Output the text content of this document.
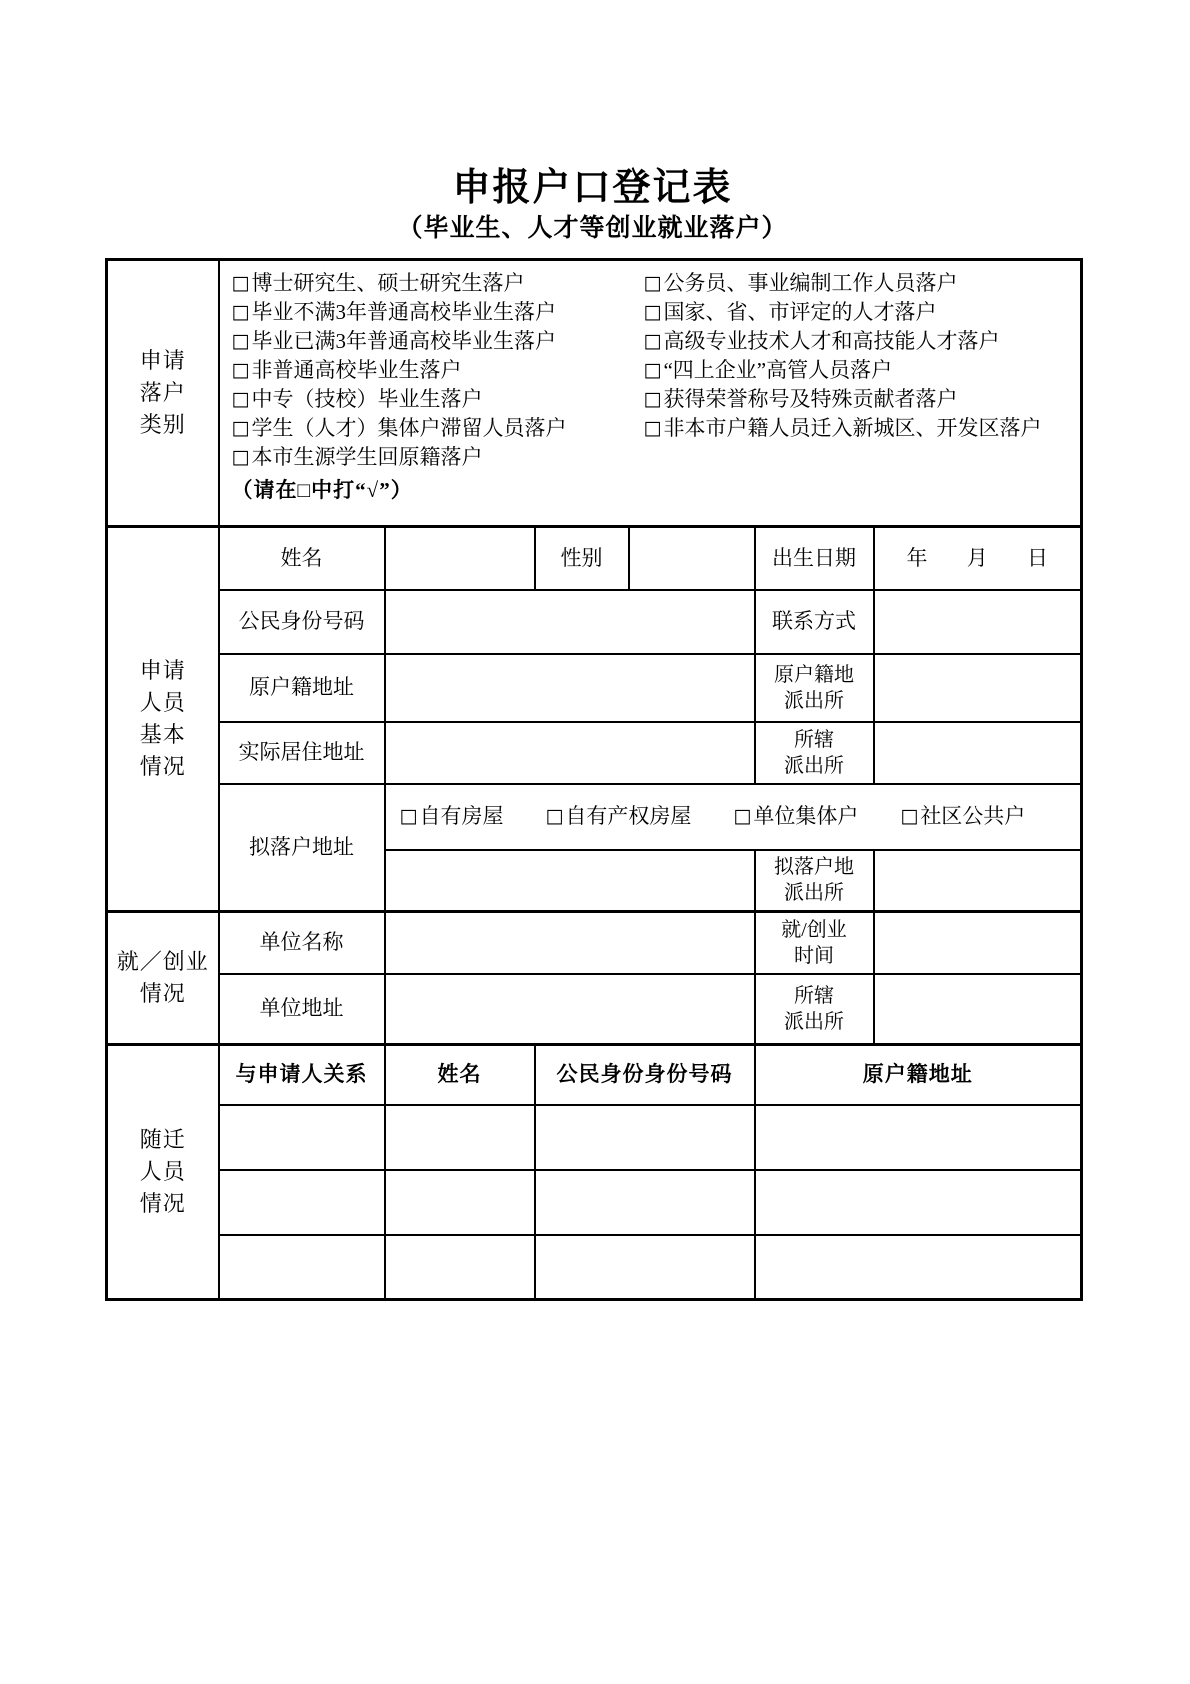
申报户口登记表
（毕业生、人才等创业就业落户）
申请
落户
类别

□ 博士研究生、硕士研究生落户
□ 毕业不满3年普通高校毕业生落户
□ 毕业已满3年普通高校毕业生落户
□ 非普通高校毕业生落户
□ 中专（技校）毕业生落户
□ 学生（人才）集体户滞留人员落户
□ 本市生源学生回原籍落户
（请在□中打“√”）
□ 公务员、事业编制工作人员落户
□ 国家、省、市评定的人才落户
□ 高级专业技术人才和高技能人才落户
□ “四上企业”高管人员落户
□ 获得荣誉称号及特殊贡献者落户
□ 非本市户籍人员迁入新城区、开发区落户

申请
人员
基本
情况	姓名		性别		出生日期	年 月 日
	公民身份号码				联系方式	
	原户籍地址				原户籍地
派出所	

	实际居住地址				所辖
派出所	

拟落户地址	
□ 自有房屋 □ 自有产权房屋 □ 单位集体户 □ 社区公共户

					拟落户地
派出所	

就／创业
情况	单位名称				就/创业
时间	

	单位地址				所辖
派出所	

随迁
人员
情况	与申请人关系	姓名	公民身份身份号码		原户籍地址	
